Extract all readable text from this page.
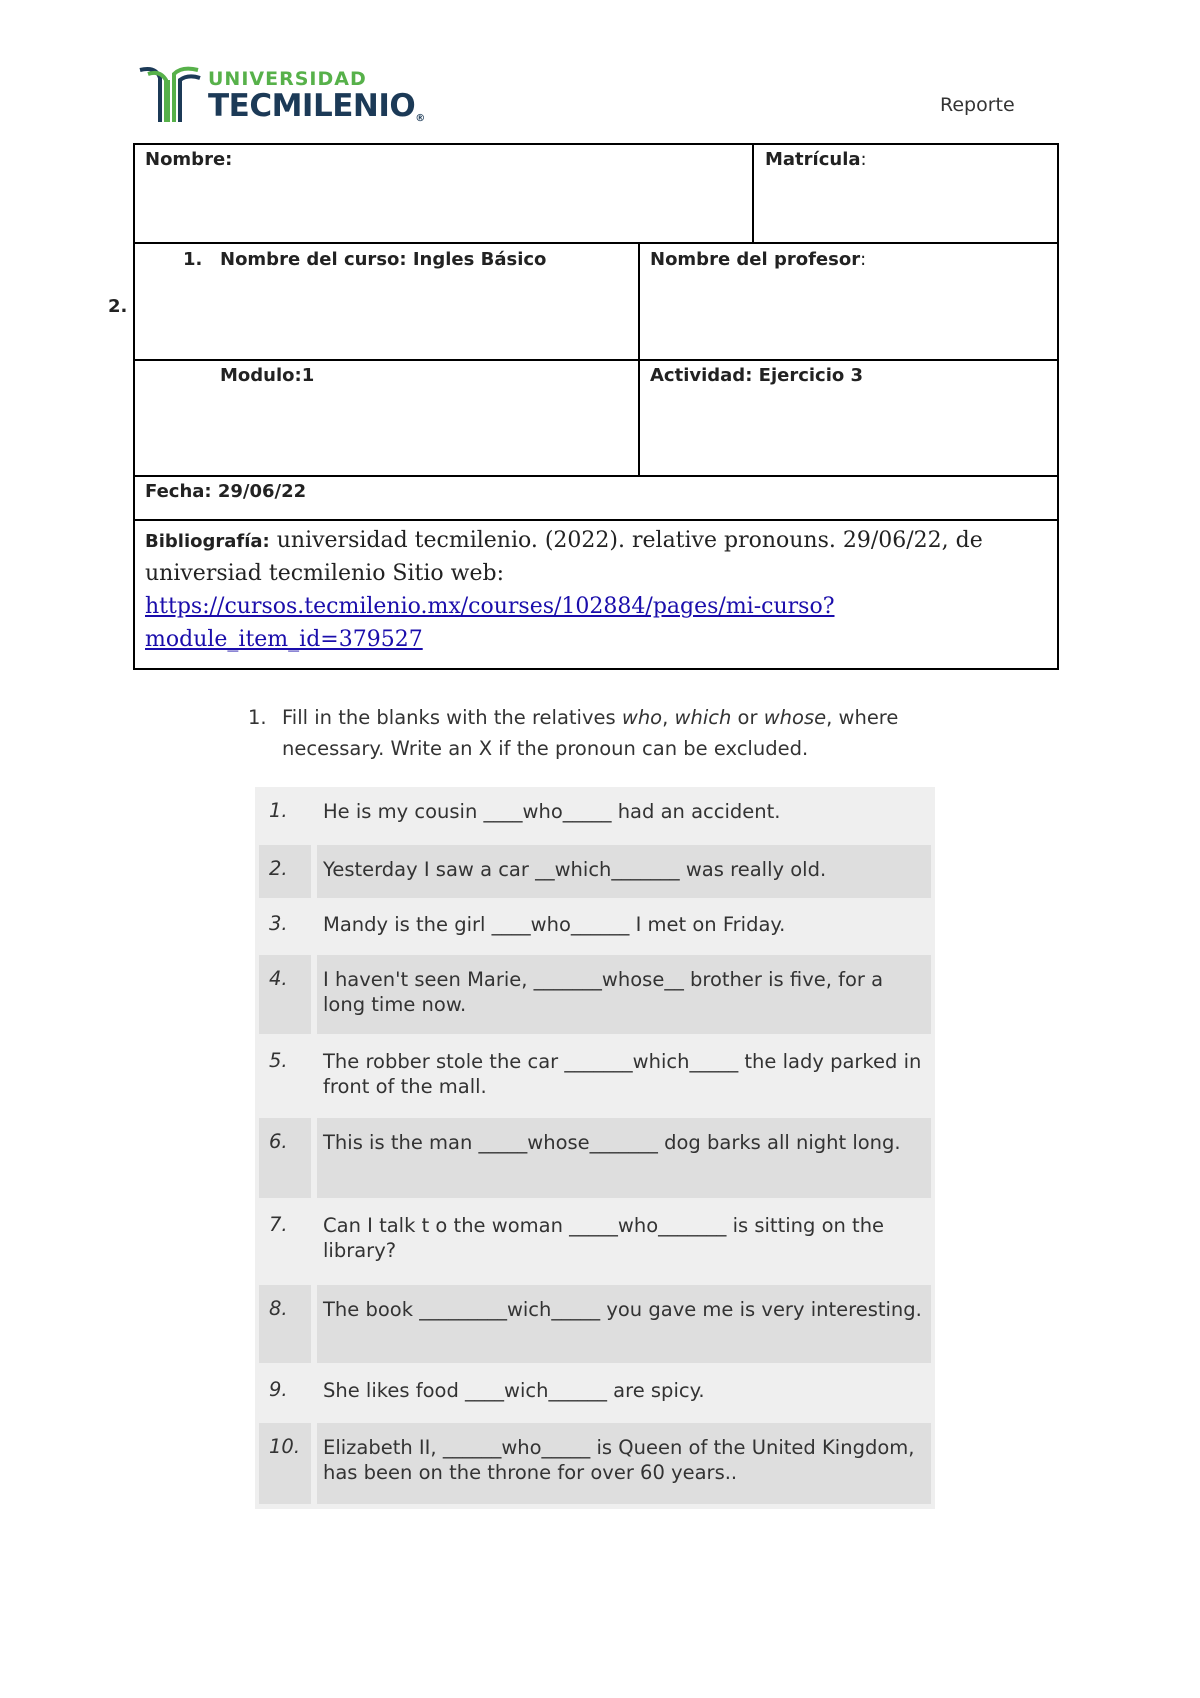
UNIVERSIDAD
TECMILENIO®
Reporte
2.
Nombre:	Matrícula:
1. Nombre del curso: Ingles Básico	Nombre del profesor:
Modulo:1	Actividad: Ejercicio 3
Fecha: 29/06/22
Bibliografía: universidad tecmilenio. (2022). relative pronouns. 29/06/22, de universiad tecmilenio Sitio web:
https://cursos.tecmilenio.mx/courses/102884/pages/mi-curso?
module_item_id=379527
1. Fill in the blanks with the relatives who, which or whose, where necessary. Write an X if the pronoun can be excluded.
1.	He is my cousin ____who_____ had an accident.
2.	Yesterday I saw a car __which_______ was really old.
3.	Mandy is the girl ____who______ I met on Friday.
4.	I haven't seen Marie, _______whose__ brother is five, for a long time now.
5.	The robber stole the car _______which_____ the lady parked in front of the mall.
6.	This is the man _____whose_______ dog barks all night long.
7.	Can I talk t o the woman _____who_______ is sitting on the library?
8.	The book _________wich_____ you gave me is very interesting.
9.	She likes food ____wich______ are spicy.
10.	Elizabeth II, ______who_____ is Queen of the United Kingdom, has been on the throne for over 60 years..
